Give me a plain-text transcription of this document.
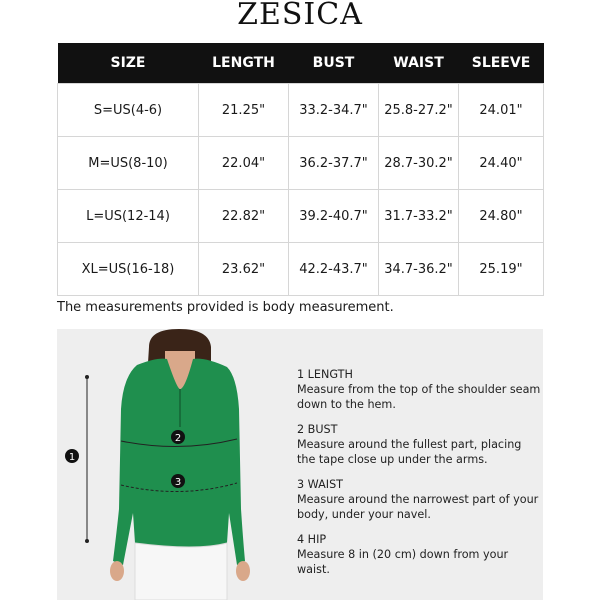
ZESICA
SIZE	LENGTH	BUST	WAIST	SLEEVE
S=US(4-6)	21.25"	33.2-34.7"	25.8-27.2"	24.01"
M=US(8-10)	22.04"	36.2-37.7"	28.7-30.2"	24.40"
L=US(12-14)	22.82"	39.2-40.7"	31.7-33.2"	24.80"
XL=US(16-18)	23.62"	42.2-43.7"	34.7-36.2"	25.19"
The measurements provided is body measurement.
1
2
3
1 LENGTH
Measure from the top of the shoulder seam down to the hem.
2 BUST
Measure around the fullest part, placing the tape close up under the arms.
3 WAIST
Measure around the narrowest part of your body, under your navel.
4 HIP
Measure 8 in (20 cm) down from your waist.
